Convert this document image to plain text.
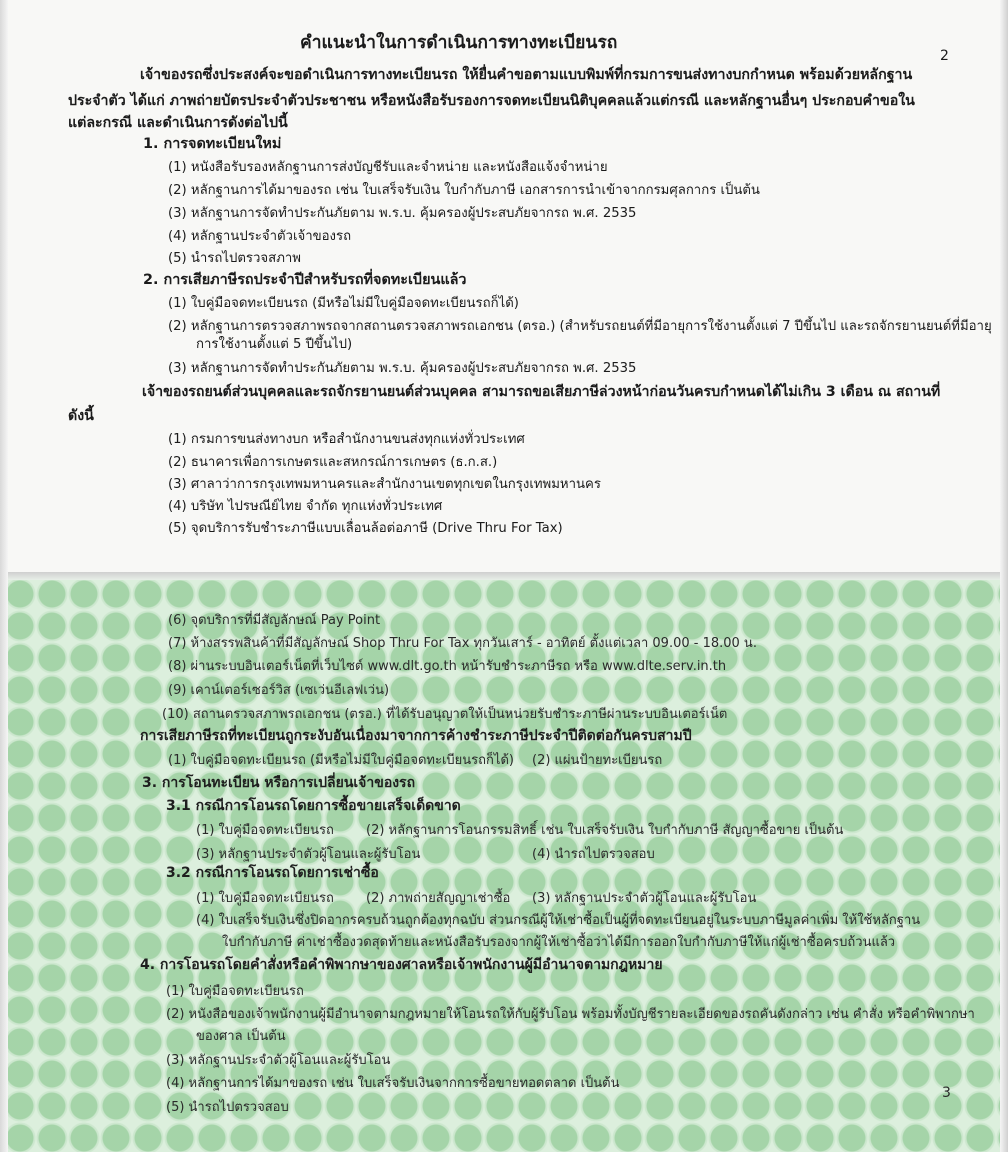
2
คำแนะนำในการดำเนินการทางทะเบียนรถ
เจ้าของรถซึ่งประสงค์จะขอดำเนินการทางทะเบียนรถ ให้ยื่นคำขอตามแบบพิมพ์ที่กรมการขนส่งทางบกกำหนด พร้อมด้วยหลักฐาน
ประจำตัว ได้แก่ ภาพถ่ายบัตรประจำตัวประชาชน หรือหนังสือรับรองการจดทะเบียนนิติบุคคลแล้วแต่กรณี และหลักฐานอื่นๆ ประกอบคำขอใน
แต่ละกรณี และดำเนินการดังต่อไปนี้
1. การจดทะเบียนใหม่
(1) หนังสือรับรองหลักฐานการส่งบัญชีรับและจำหน่าย และหนังสือแจ้งจำหน่าย
(2) หลักฐานการได้มาของรถ เช่น ใบเสร็จรับเงิน ใบกำกับภาษี เอกสารการนำเข้าจากกรมศุลกากร เป็นต้น
(3) หลักฐานการจัดทำประกันภัยตาม พ.ร.บ. คุ้มครองผู้ประสบภัยจากรถ พ.ศ. 2535
(4) หลักฐานประจำตัวเจ้าของรถ
(5) นำรถไปตรวจสภาพ
2. การเสียภาษีรถประจำปีสำหรับรถที่จดทะเบียนแล้ว
(1) ใบคู่มือจดทะเบียนรถ (มีหรือไม่มีใบคู่มือจดทะเบียนรถก็ได้)
(2) หลักฐานการตรวจสภาพรถจากสถานตรวจสภาพรถเอกชน (ตรอ.) (สำหรับรถยนต์ที่มีอายุการใช้งานตั้งแต่ 7 ปีขึ้นไป และรถจักรยานยนต์ที่มีอายุ
การใช้งานตั้งแต่ 5 ปีขึ้นไป)
(3) หลักฐานการจัดทำประกันภัยตาม พ.ร.บ. คุ้มครองผู้ประสบภัยจากรถ พ.ศ. 2535
เจ้าของรถยนต์ส่วนบุคคลและรถจักรยานยนต์ส่วนบุคคล สามารถขอเสียภาษีล่วงหน้าก่อนวันครบกำหนดได้ไม่เกิน 3 เดือน ณ สถานที่
ดังนี้
(1) กรมการขนส่งทางบก หรือสำนักงานขนส่งทุกแห่งทั่วประเทศ
(2) ธนาคารเพื่อการเกษตรและสหกรณ์การเกษตร (ธ.ก.ส.)
(3) ศาลาว่าการกรุงเทพมหานครและสำนักงานเขตทุกเขตในกรุงเทพมหานคร
(4) บริษัท ไปรษณีย์ไทย จำกัด ทุกแห่งทั่วประเทศ
(5) จุดบริการรับชำระภาษีแบบเลื่อนล้อต่อภาษี (Drive Thru For Tax)
(6) จุดบริการที่มีสัญลักษณ์ Pay Point
(7) ห้างสรรพสินค้าที่มีสัญลักษณ์ Shop Thru For Tax ทุกวันเสาร์ - อาทิตย์ ตั้งแต่เวลา 09.00 - 18.00 น.
(8) ผ่านระบบอินเตอร์เน็ตที่เว็บไซต์ www.dlt.go.th หน้ารับชำระภาษีรถ หรือ www.dlte.serv.in.th
(9) เคาน์เตอร์เซอร์วิส (เซเว่นอีเลฟเว่น)
(10) สถานตรวจสภาพรถเอกชน (ตรอ.) ที่ได้รับอนุญาตให้เป็นหน่วยรับชำระภาษีผ่านระบบอินเตอร์เน็ต
การเสียภาษีรถที่ทะเบียนถูกระงับอันเนื่องมาจากการค้างชำระภาษีประจำปีติดต่อกันครบสามปี
(1) ใบคู่มือจดทะเบียนรถ (มีหรือไม่มีใบคู่มือจดทะเบียนรถก็ได้) (2) แผ่นป้ายทะเบียนรถ
3. การโอนทะเบียน หรือการเปลี่ยนเจ้าของรถ
3.1 กรณีการโอนรถโดยการซื้อขายเสร็จเด็ดขาด
(1) ใบคู่มือจดทะเบียนรถ (2) หลักฐานการโอนกรรมสิทธิ์ เช่น ใบเสร็จรับเงิน ใบกำกับภาษี สัญญาซื้อขาย เป็นต้น
(3) หลักฐานประจำตัวผู้โอนและผู้รับโอน	(4) นำรถไปตรวจสอบ
3.2 กรณีการโอนรถโดยการเช่าซื้อ
(1) ใบคู่มือจดทะเบียนรถ (2) ภาพถ่ายสัญญาเช่าซื้อ (3) หลักฐานประจำตัวผู้โอนและผู้รับโอน
(4) ใบเสร็จรับเงินซึ่งปิดอากรครบถ้วนถูกต้องทุกฉบับ ส่วนกรณีผู้ให้เช่าซื้อเป็นผู้ที่จดทะเบียนอยู่ในระบบภาษีมูลค่าเพิ่ม ให้ใช้หลักฐาน
ใบกำกับภาษี ค่าเช่าซื้องวดสุดท้ายและหนังสือรับรองจากผู้ให้เช่าซื้อว่าได้มีการออกใบกำกับภาษีให้แก่ผู้เช่าซื้อครบถ้วนแล้ว
4. การโอนรถโดยคำสั่งหรือคำพิพากษาของศาลหรือเจ้าพนักงานผู้มีอำนาจตามกฎหมาย
(1) ใบคู่มือจดทะเบียนรถ
(2) หนังสือของเจ้าพนักงานผู้มีอำนาจตามกฎหมายให้โอนรถให้กับผู้รับโอน พร้อมทั้งบัญชีรายละเอียดของรถคันดังกล่าว เช่น คำสั่ง หรือคำพิพากษา
ของศาล เป็นต้น
(3) หลักฐานประจำตัวผู้โอนและผู้รับโอน
(4) หลักฐานการได้มาของรถ เช่น ใบเสร็จรับเงินจากการซื้อขายทอดตลาด เป็นต้น
(5) นำรถไปตรวจสอบ
3
